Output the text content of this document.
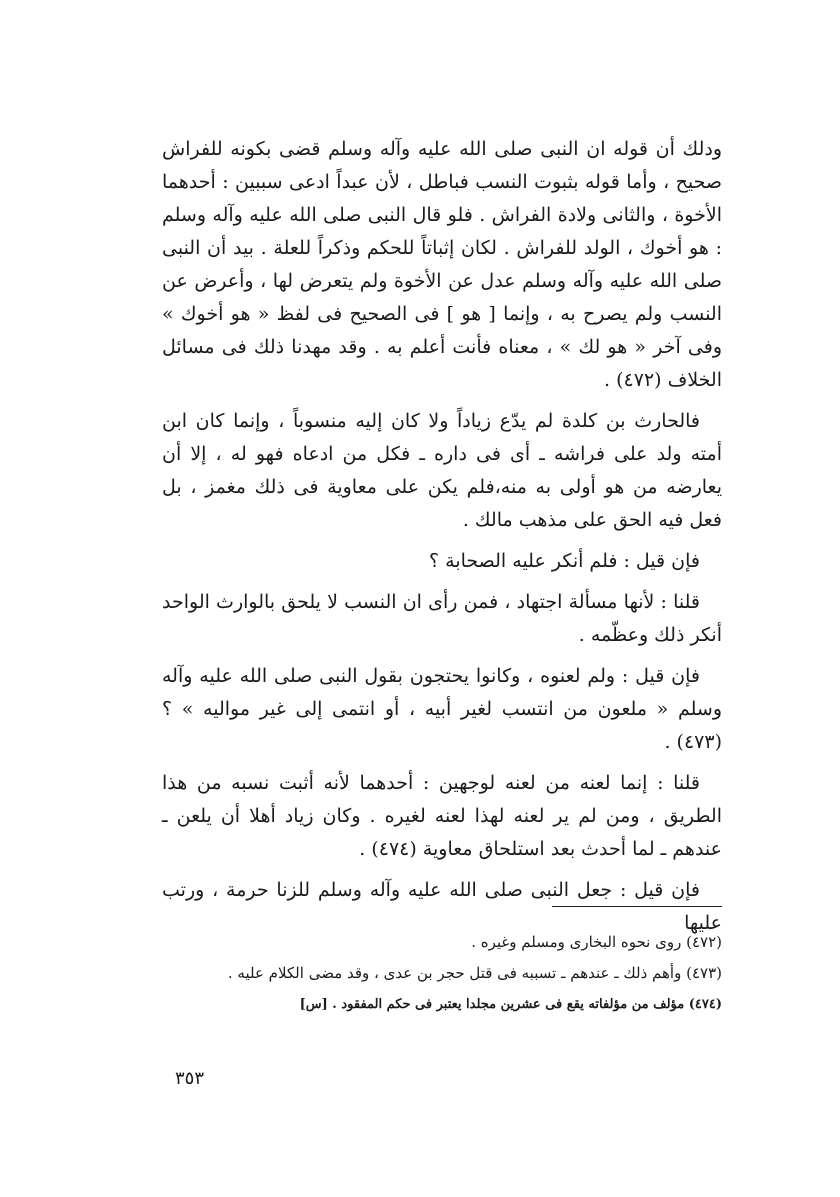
ودلك أن قوله ان النبى صلى الله عليه وآله وسلم قضى بكونه للفراش صحيح ، وأما قوله بثبوت النسب فباطل ، لأن عبداً ادعى سببين : أحدهما الأخوة ، والثانى ولادة الفراش . فلو قال النبى صلى الله عليه وآله وسلم : هو أخوك ، الولد للفراش . لكان إثباتاً للحكم وذكراً للعلة . بيد أن النبى صلى الله عليه وآله وسلم عدل عن الأخوة ولم يتعرض لها ، وأعرض عن النسب ولم يصرح به ، وإنما [ هو ] فى الصحيح فى لفظ « هو أخوك » وفى آخر « هو لك » ، معناه فأنت أعلم به . وقد مهدنا ذلك فى مسائل الخلاف (٤٧٢) .

فالحارث بن كلدة لم يدّع زياداً ولا كان إليه منسوباً ، وإنما كان ابن أمته ولد على فراشه ـ أى فى داره ـ فكل من ادعاه فهو له ، إلا أن يعارضه من هو أولى به منه،فلم يكن على معاوية فى ذلك مغمز ، بل فعل فيه الحق على مذهب مالك .

فإن قيل : فلم أنكر عليه الصحابة ؟

قلنا : لأنها مسألة اجتهاد ، فمن رأى ان النسب لا يلحق بالوارث الواحد أنكر ذلك وعظّمه .

فإن قيل : ولم لعنوه ، وكانوا يحتجون بقول النبى صلى الله عليه وآله وسلم « ملعون من انتسب لغير أبيه ، أو انتمى إلى غير مواليه » ؟ (٤٧٣) .

قلنا : إنما لعنه من لعنه لوجهين : أحدهما لأنه أثبت نسبه من هذا الطريق ، ومن لم ير لعنه لهذا لعنه لغيره . وكان زياد أهلا أن يلعن ـ عندهم ـ لما أحدث بعد استلحاق معاوية (٤٧٤) .

فإن قيل : جعل النبى صلى الله عليه وآله وسلم للزنا حرمة ، ورتب عليها

(٤٧٢) روى نحوه البخارى ومسلم وغيره .

(٤٧٣) وأهم ذلك ـ عندهم ـ تسببه فى قتل حجر بن عدى ، وقد مضى الكلام عليه .

(٤٧٤) مؤلف من مؤلفاته يقع فى عشرين مجلدا يعتبر فى حكم المفقود . [س]

٣٥٣
